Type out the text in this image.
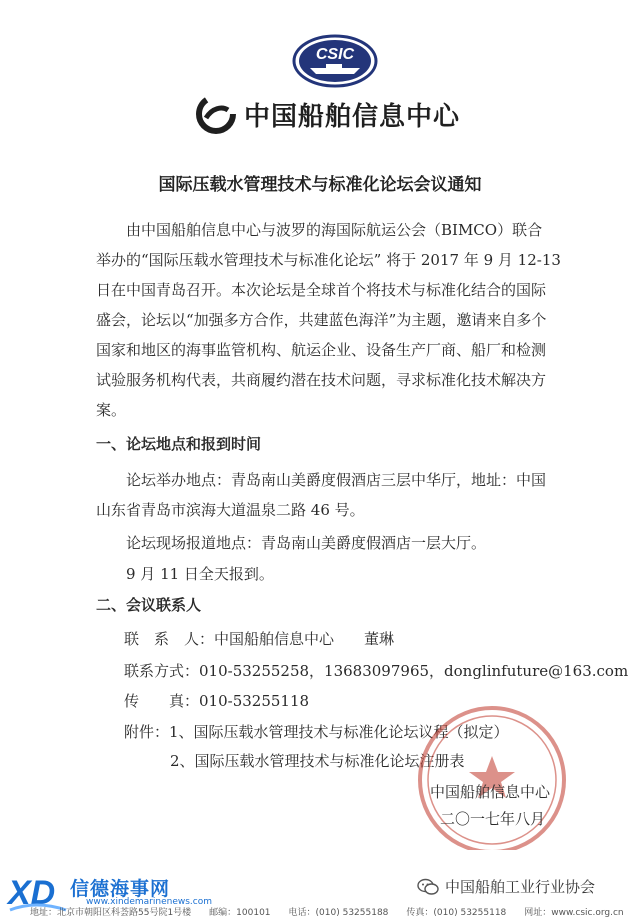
CSIC
中国船舶信息中心
国际压载水管理技术与标准化论坛会议通知
由中国船舶信息中心与波罗的海国际航运公会（BIMCO）联合
举办的“国际压载水管理技术与标准化论坛” 将于 2017 年 9 月 12-13
日在中国青岛召开。本次论坛是全球首个将技术与标准化结合的国际
盛会，论坛以“加强多方合作，共建蓝色海洋”为主题，邀请来自多个
国家和地区的海事监管机构、航运企业、设备生产厂商、船厂和检测
试验服务机构代表，共商履约潜在技术问题，寻求标准化技术解决方
案。
一、论坛地点和报到时间
论坛举办地点：青岛南山美爵度假酒店三层中华厅，地址：中国
山东省青岛市滨海大道温泉二路 46 号。
论坛现场报道地点：青岛南山美爵度假酒店一层大厅。
9 月 11 日全天报到。
二、会议联系人
联　系　人：中国船舶信息中心　　董琳
联系方式：010-53255258，13683097965，donglinfuture@163.com
传　　真：010-53255118
附件：1、国际压载水管理技术与标准化论坛议程（拟定）
2、国际压载水管理技术与标准化论坛注册表
中国船舶信息中心
二〇一七年八月
XD 信德海事网
www.xindemarinenews.com
中国船舶工业行业协会
地址：北京市朝阳区科荟路55号院1号楼　　邮编：100101　　电话：(010) 53255188　　传真：(010) 53255118　　网址：www.csic.org.cn
